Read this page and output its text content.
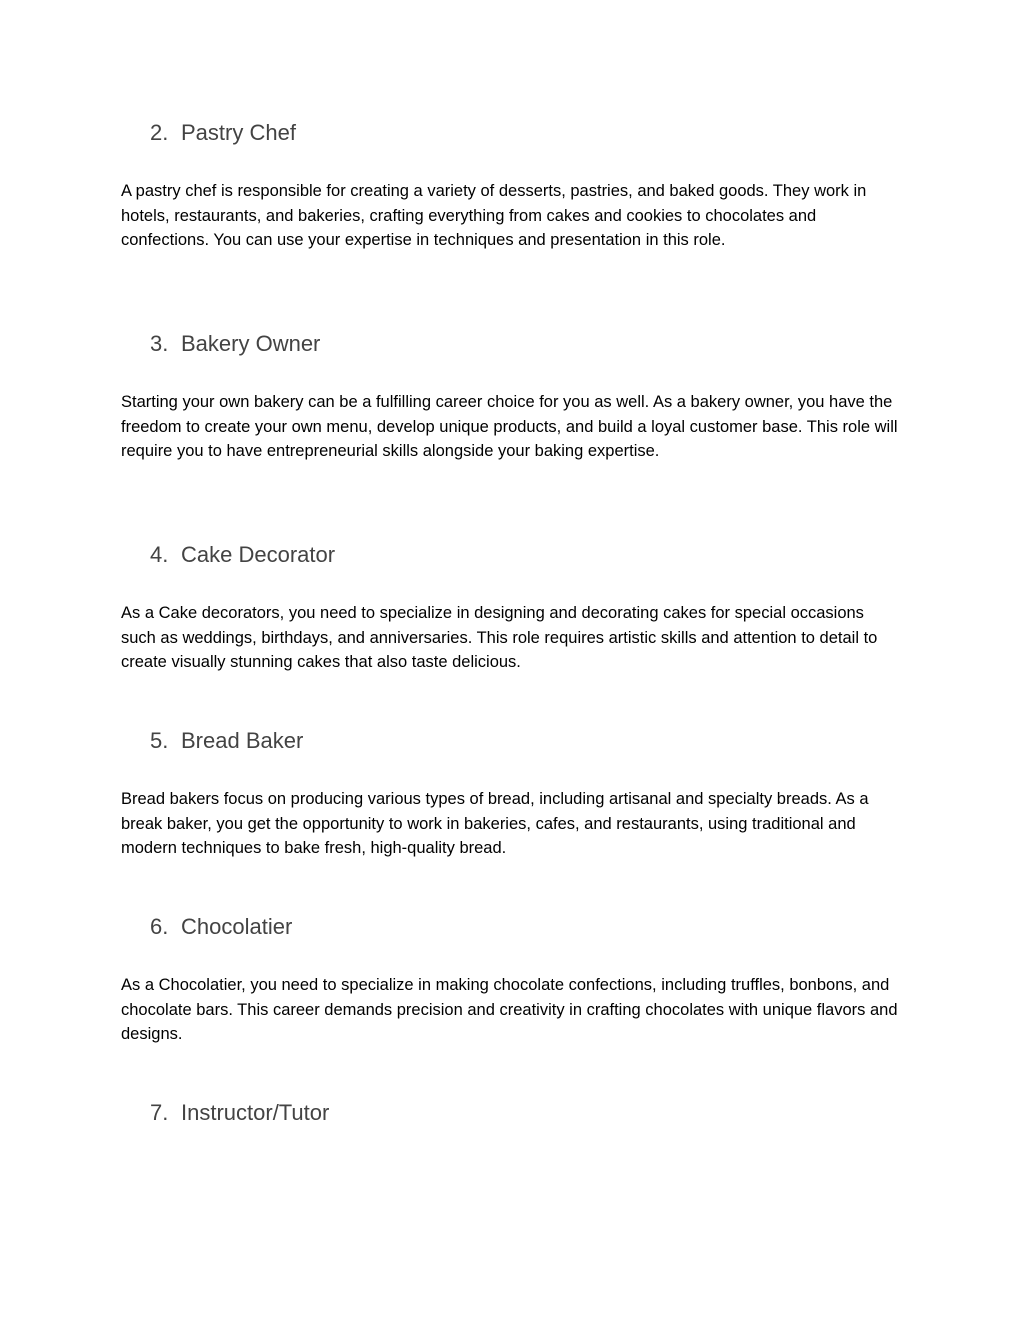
2. Pastry Chef

A pastry chef is responsible for creating a variety of desserts, pastries, and baked goods. They work in hotels, restaurants, and bakeries, crafting everything from cakes and cookies to chocolates and confections. You can use your expertise in techniques and presentation in this role.

3. Bakery Owner

Starting your own bakery can be a fulfilling career choice for you as well. As a bakery owner, you have the freedom to create your own menu, develop unique products, and build a loyal customer base. This role will require you to have entrepreneurial skills alongside your baking expertise.

4. Cake Decorator

As a Cake decorators, you need to specialize in designing and decorating cakes for special occasions such as weddings, birthdays, and anniversaries. This role requires artistic skills and attention to detail to create visually stunning cakes that also taste delicious.

5. Bread Baker

Bread bakers focus on producing various types of bread, including artisanal and specialty breads. As a break baker, you get the opportunity to work in bakeries, cafes, and restaurants, using traditional and modern techniques to bake fresh, high-quality bread.

6. Chocolatier

As a Chocolatier, you need to specialize in making chocolate confections, including truffles, bonbons, and chocolate bars. This career demands precision and creativity in crafting chocolates with unique flavors and designs.

7. Instructor/Tutor
